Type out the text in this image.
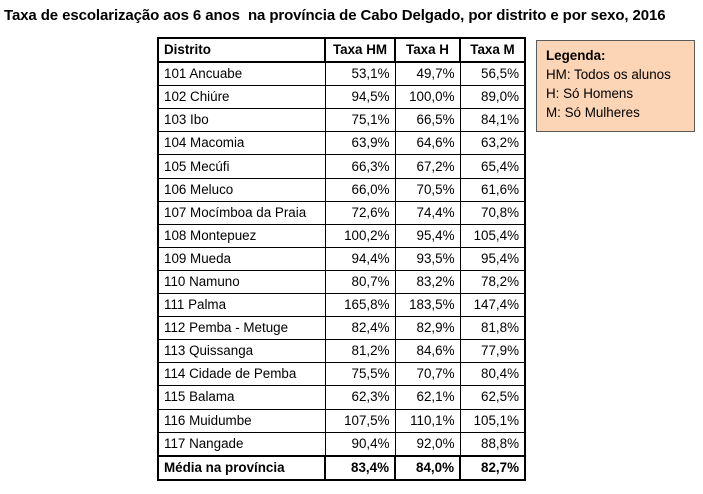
Taxa de escolarização aos 6 anos  na província de Cabo Delgado, por distrito e por sexo, 2016
Distrito	Taxa HM	Taxa H	Taxa M
101 Ancuabe	53,1%	49,7%	56,5%
102 Chiúre	94,5%	100,0%	89,0%
103 Ibo	75,1%	66,5%	84,1%
104 Macomia	63,9%	64,6%	63,2%
105 Mecúfi	66,3%	67,2%	65,4%
106 Meluco	66,0%	70,5%	61,6%
107 Mocímboa da Praia	72,6%	74,4%	70,8%
108 Montepuez	100,2%	95,4%	105,4%
109 Mueda	94,4%	93,5%	95,4%
110 Namuno	80,7%	83,2%	78,2%
111 Palma	165,8%	183,5%	147,4%
112 Pemba - Metuge	82,4%	82,9%	81,8%
113 Quissanga	81,2%	84,6%	77,9%
114 Cidade de Pemba	75,5%	70,7%	80,4%
115 Balama	62,3%	62,1%	62,5%
116 Muidumbe	107,5%	110,1%	105,1%
117 Nangade	90,4%	92,0%	88,8%
Média na província	83,4%	84,0%	82,7%
Legenda:
HM: Todos os alunos
H: Só Homens
M: Só Mulheres
